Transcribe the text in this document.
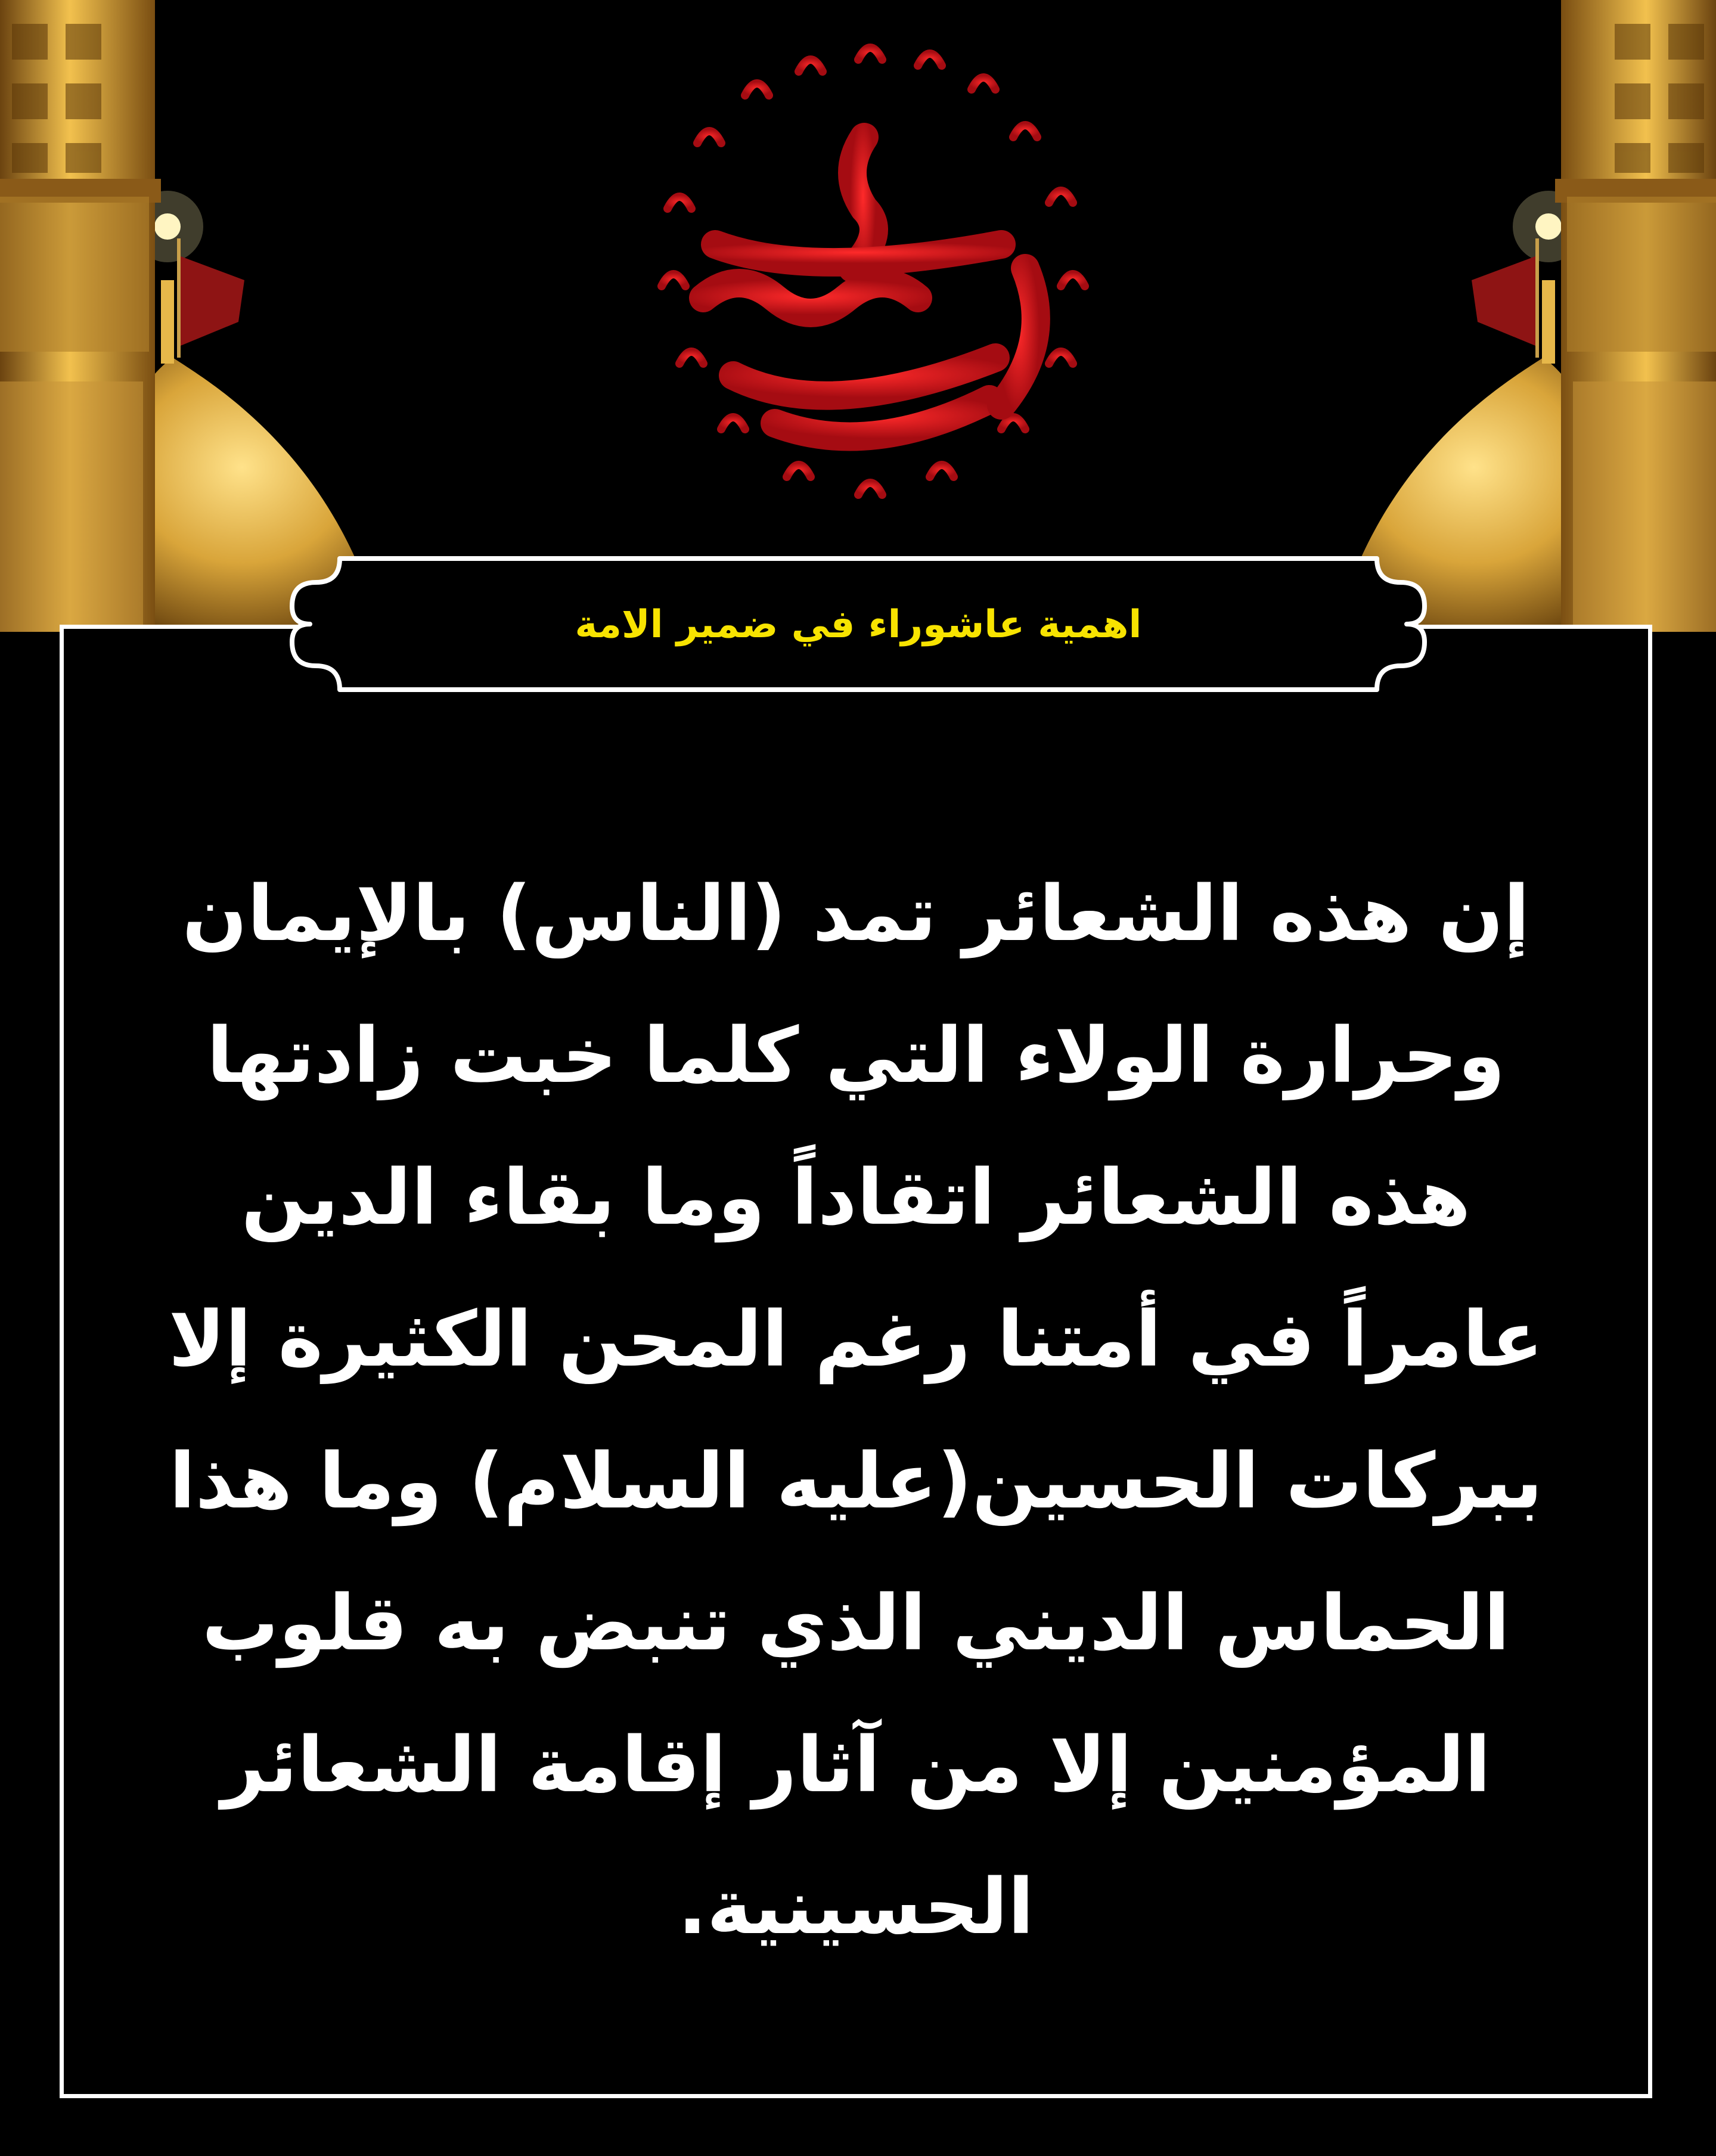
إن هذه الشعائر تمد (الناس) بالإيمان وحرارة الولاء التي كلما خبت زادتها هذه الشعائر اتقاداً وما بقاء الدين عامراً في أمتنا رغم المحن الكثيرة إلا ببركات الحسين(عليه السلام) وما هذا الحماس الديني الذي تنبض به قلوب المؤمنين إلا من آثار إقامة الشعائر الحسينية.

اهمية عاشوراء في ضمير الامة
